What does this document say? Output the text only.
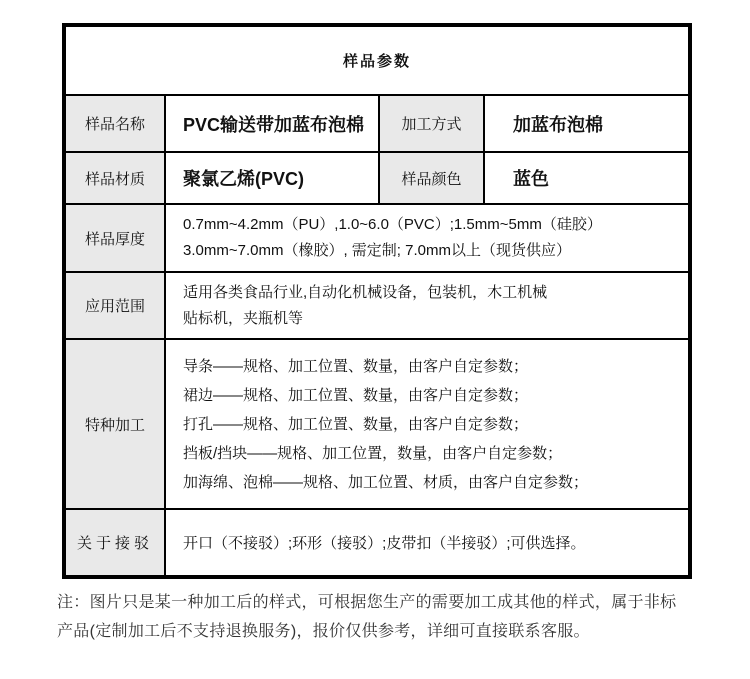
样品参数			
样品名称	PVC输送带加蓝布泡棉	加工方式	加蓝布泡棉
样品材质	聚氯乙烯(PVC)	样品颜色	蓝色
样品厚度	0.7mm~4.2mm（PU）,1.0~6.0（PVC）;1.5mm~5mm（硅胶）
3.0mm~7.0mm（橡胶）, 需定制; 7.0mm以上（现货供应）		

应用范围	适用各类食品行业,自动化机械设备，包装机，木工机械
贴标机，夹瓶机等		

特种加工	导条——规格、加工位置、数量，由客户自定参数；
裙边——规格、加工位置、数量，由客户自定参数；
打孔——规格、加工位置、数量，由客户自定参数；
挡板/挡块——规格、加工位置，数量，由客户自定参数；
加海绵、泡棉——规格、加工位置、材质，由客户自定参数；		

关于接驳	开口（不接驳）;环形（接驳）;皮带扣（半接驳）;可供选择。		
注：图片只是某一种加工后的样式，可根据您生产的需要加工成其他的样式，属于非标
产品(定制加工后不支持退换服务)，报价仅供参考，详细可直接联系客服。
